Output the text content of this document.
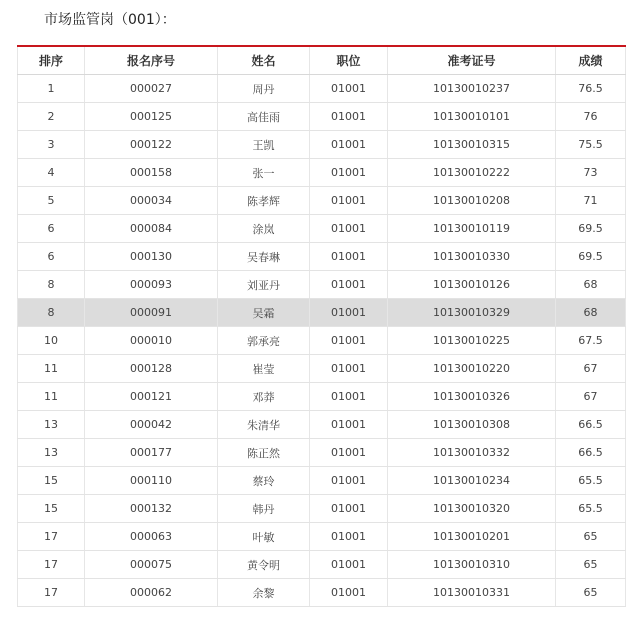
市场监管岗（001）：
排序	报名序号	姓名	职位	准考证号	成绩
1	000027	周丹	01001	10130010237	76.5
2	000125	高佳雨	01001	10130010101	76
3	000122	王凯	01001	10130010315	75.5
4	000158	张一	01001	10130010222	73
5	000034	陈孝辉	01001	10130010208	71
6	000084	涂岚	01001	10130010119	69.5
6	000130	吴春琳	01001	10130010330	69.5
8	000093	刘亚丹	01001	10130010126	68
8	000091	吴霜	01001	10130010329	68
10	000010	郭承亮	01001	10130010225	67.5
11	000128	崔莹	01001	10130010220	67
11	000121	邓莽	01001	10130010326	67
13	000042	朱清华	01001	10130010308	66.5
13	000177	陈正然	01001	10130010332	66.5
15	000110	蔡玲	01001	10130010234	65.5
15	000132	韩丹	01001	10130010320	65.5
17	000063	叶敏	01001	10130010201	65
17	000075	黄令明	01001	10130010310	65
17	000062	余黎	01001	10130010331	65
